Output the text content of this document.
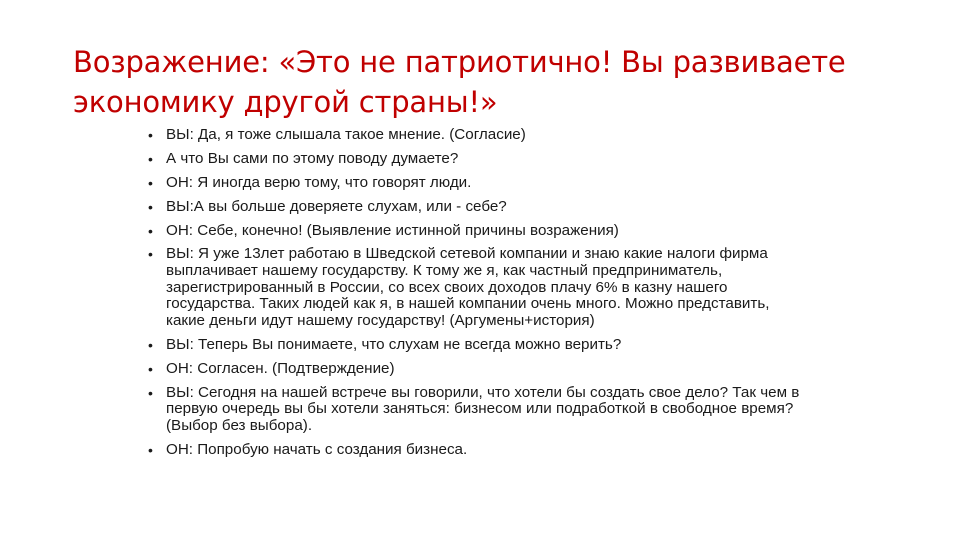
Возражение: «Это не патриотично! Вы развиваете экономику другой страны!»
• ВЫ: Да, я тоже слышала такое мнение. (Согласие)
• А что Вы сами по этому поводу думаете?
• ОН: Я иногда верю тому, что говорят люди.
• ВЫ:А вы больше доверяете слухам, или - себе?
• ОН: Себе, конечно! (Выявление истинной причины возражения)
• ВЫ: Я уже 13лет работаю в Шведской сетевой компании и знаю какие налоги фирма выплачивает нашему государству. К тому же я, как частный предприниматель, зарегистрированный в России, со всех своих доходов плачу 6% в казну нашего государства. Таких людей как я, в нашей компании очень много. Можно представить, какие деньги идут нашему государству! (Аргумены+история)
• ВЫ: Теперь Вы понимаете, что слухам не всегда можно верить?
• ОН: Согласен. (Подтверждение)
• ВЫ: Сегодня на нашей встрече вы говорили, что хотели бы создать свое дело? Так чем в первую очередь вы бы хотели заняться: бизнесом или подработкой в свободное время? (Выбор без выбора).
• ОН: Попробую начать с создания бизнеса.
